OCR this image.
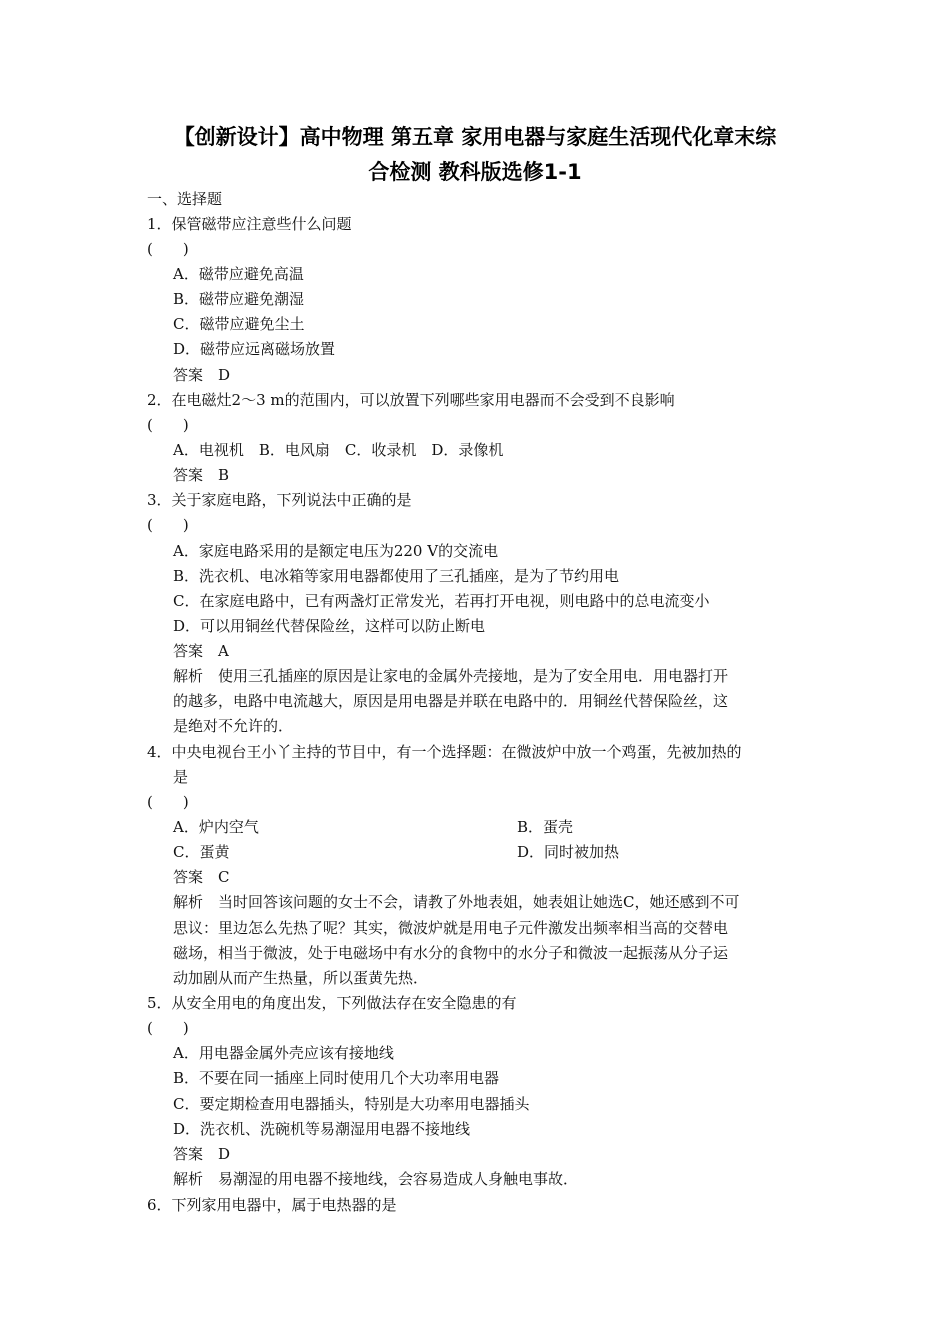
【创新设计】高中物理 第五章 家用电器与家庭生活现代化章末综
合检测 教科版选修1-1
一、选择题
1．保管磁带应注意些什么问题
(　　)
A．磁带应避免高温
B．磁带应避免潮湿
C．磁带应避免尘土
D．磁带应远离磁场放置
答案　D
2．在电磁灶2～3 m的范围内，可以放置下列哪些家用电器而不会受到不良影响
(　　)
A．电视机　B．电风扇　C．收录机　D．录像机
答案　B
3．关于家庭电路，下列说法中正确的是
(　　)
A．家庭电路采用的是额定电压为220 V的交流电
B．洗衣机、电冰箱等家用电器都使用了三孔插座，是为了节约用电
C．在家庭电路中，已有两盏灯正常发光，若再打开电视，则电路中的总电流变小
D．可以用铜丝代替保险丝，这样可以防止断电
答案　A
解析　使用三孔插座的原因是让家电的金属外壳接地，是为了安全用电．用电器打开
的越多，电路中电流越大，原因是用电器是并联在电路中的．用铜丝代替保险丝，这
是绝对不允许的．
4．中央电视台王小丫主持的节目中，有一个选择题：在微波炉中放一个鸡蛋，先被加热的
是
(　　)
A．炉内空气	B．蛋壳
C．蛋黄	D．同时被加热
答案　C
解析　当时回答该问题的女士不会，请教了外地表姐，她表姐让她选C，她还感到不可
思议：里边怎么先热了呢？其实，微波炉就是用电子元件激发出频率相当高的交替电
磁场，相当于微波，处于电磁场中有水分的食物中的水分子和微波一起振荡从分子运
动加剧从而产生热量，所以蛋黄先热．
5．从安全用电的角度出发，下列做法存在安全隐患的有
(　　)
A．用电器金属外壳应该有接地线
B．不要在同一插座上同时使用几个大功率用电器
C．要定期检查用电器插头，特别是大功率用电器插头
D．洗衣机、洗碗机等易潮湿用电器不接地线
答案　D
解析　易潮湿的用电器不接地线，会容易造成人身触电事故．
6．下列家用电器中，属于电热器的是
